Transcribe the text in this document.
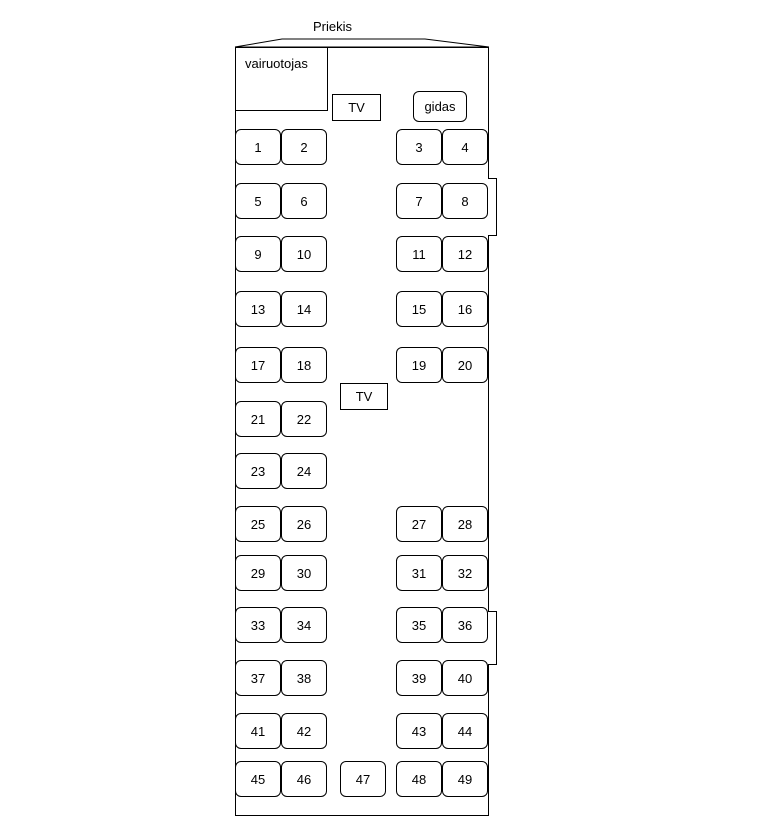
Priekis
vairuotojas
TV	gidas
TV
1	2	3	4
5	6	7	8
9	10	11	12
13	14	15	16
17	18	19	20
21	22
23	24
25	26	27	28
29	30	31	32
33	34	35	36
37	38	39	40
41	42	43	44
45	46	47	48	49
